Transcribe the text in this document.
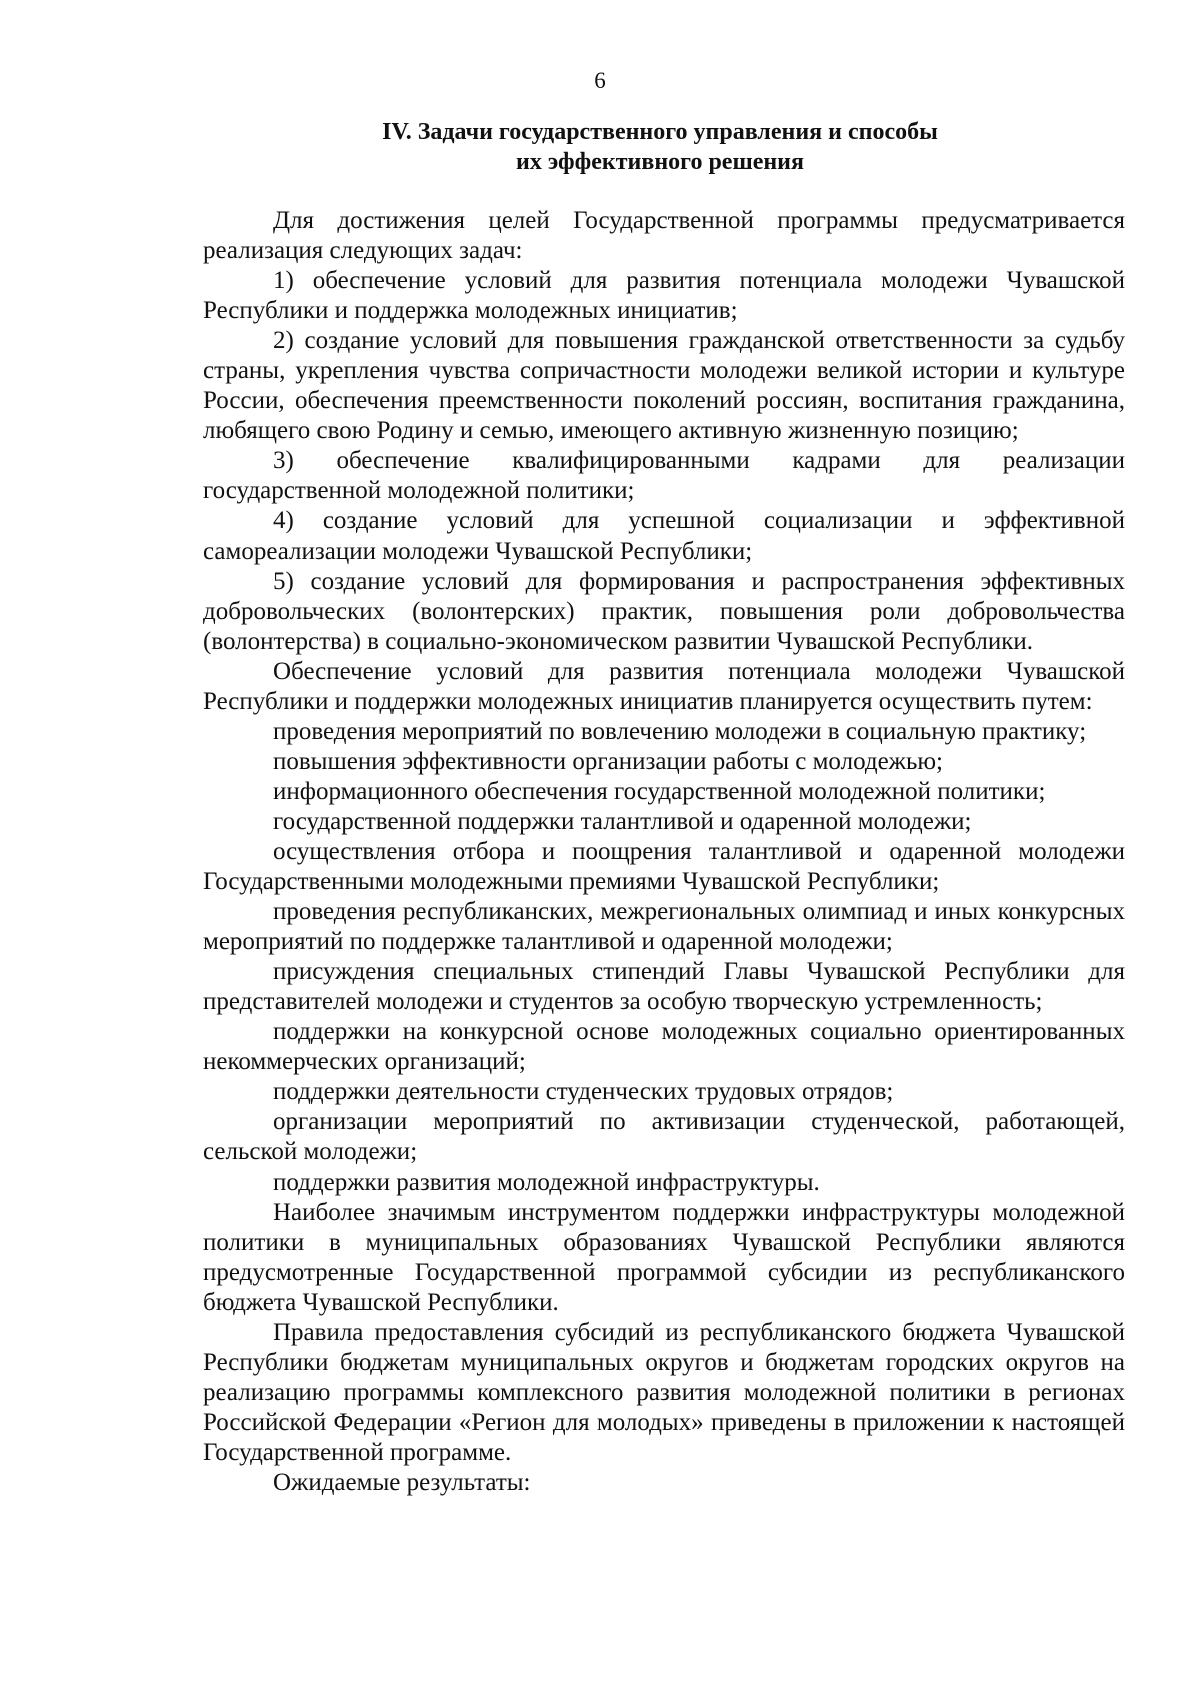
6
IV. Задачи государственного управления и способы
их эффективного решения

Для достижения целей Государственной программы предусматривается реализация следующих задач:

1) обеспечение условий для развития потенциала молодежи Чувашской Республики и поддержка молодежных инициатив;

2) создание условий для повышения гражданской ответственности за судьбу страны, укрепления чувства сопричастности молодежи великой истории и культуре России, обеспечения преемственности поколений россиян, воспитания гражданина, любящего свою Родину и семью, имеющего активную жизненную позицию;

3) обеспечение квалифицированными кадрами для реализации государственной молодежной политики;

4) создание условий для успешной социализации и эффективной самореализации молодежи Чувашской Республики;

5) создание условий для формирования и распространения эффективных добровольческих (волонтерских) практик, повышения роли добровольчества (волонтерства) в социально-экономическом развитии Чувашской Республики.

Обеспечение условий для развития потенциала молодежи Чувашской Республики и поддержки молодежных инициатив планируется осуществить путем:

проведения мероприятий по вовлечению молодежи в социальную практику;

повышения эффективности организации работы с молодежью;

информационного обеспечения государственной молодежной политики;

государственной поддержки талантливой и одаренной молодежи;

осуществления отбора и поощрения талантливой и одаренной молодежи Государственными молодежными премиями Чувашской Республики;

проведения республиканских, межрегиональных олимпиад и иных конкурсных мероприятий по поддержке талантливой и одаренной молодежи;

присуждения специальных стипендий Главы Чувашской Республики для представителей молодежи и студентов за особую творческую устремленность;

поддержки на конкурсной основе молодежных социально ориентированных некоммерческих организаций;

поддержки деятельности студенческих трудовых отрядов;

организации мероприятий по активизации студенческой, работающей, сельской молодежи;

поддержки развития молодежной инфраструктуры.

Наиболее значимым инструментом поддержки инфраструктуры молодежной политики в муниципальных образованиях Чувашской Республики являются предусмотренные Государственной программой субсидии из республиканского бюджета Чувашской Республики.

Правила предоставления субсидий из республиканского бюджета Чувашской Республики бюджетам муниципальных округов и бюджетам городских округов на реализацию программы комплексного развития молодежной политики в регионах Российской Федерации «Регион для молодых» приведены в приложении к настоящей Государственной программе.

Ожидаемые результаты:
